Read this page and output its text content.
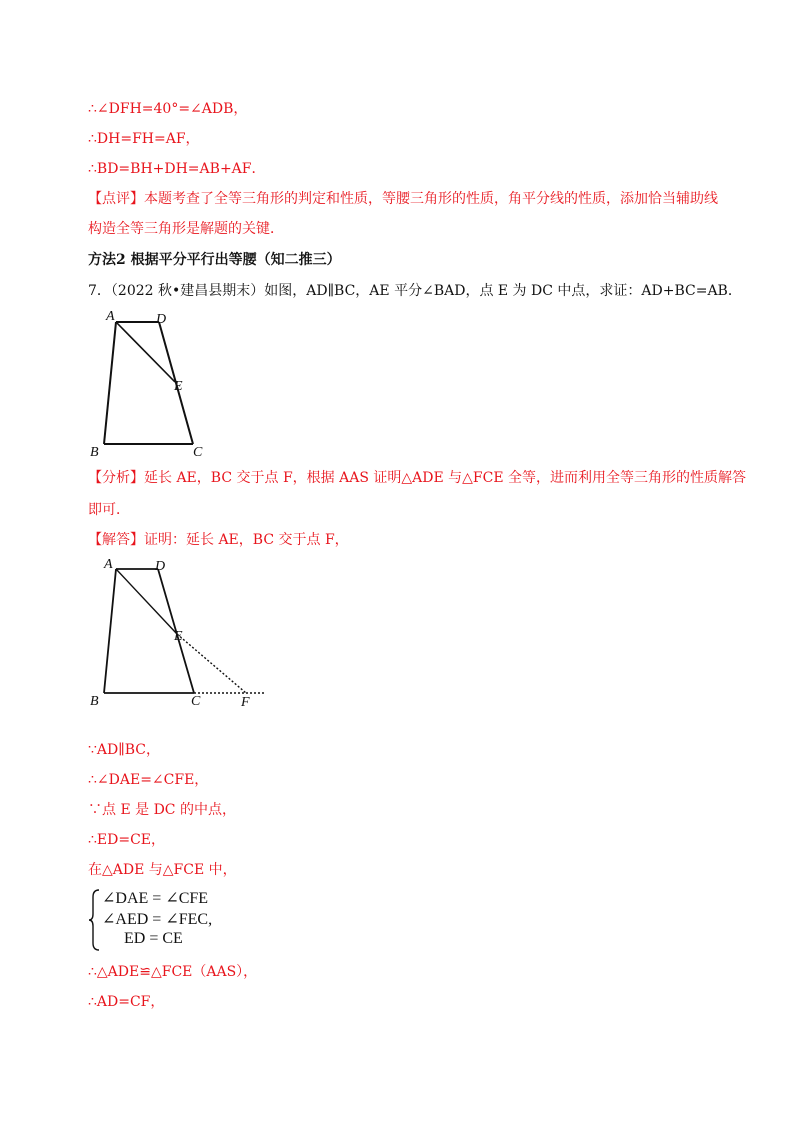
∴∠DFH=40°=∠ADB，
∴DH=FH=AF，
∴BD=BH+DH=AB+AF．
【点评】本题考查了全等三角形的判定和性质，等腰三角形的性质，角平分线的性质，添加恰当辅助线
构造全等三角形是解题的关键．
方法2 根据平分平行出等腰（知二推三）
7．（2022 秋•建昌县期末）如图，AD∥BC，AE 平分∠BAD，点 E 为 DC 中点，求证：AD+BC=AB．
A	D
E
B	C
【分析】延长 AE，BC 交于点 F，根据 AAS 证明△ADE 与△FCE 全等，进而利用全等三角形的性质解答
即可．
【解答】证明：延长 AE，BC 交于点 F，
A	D
E
B	C	F
∵AD∥BC，
∴∠DAE=∠CFE，
∵点 E 是 DC 的中点，
∴ED=CE，
在△ADE 与△FCE 中，
∠DAE = ∠CFE
∠AED = ∠FEC,
ED = CE
∴△ADE≌△FCE（AAS），
∴AD=CF，
